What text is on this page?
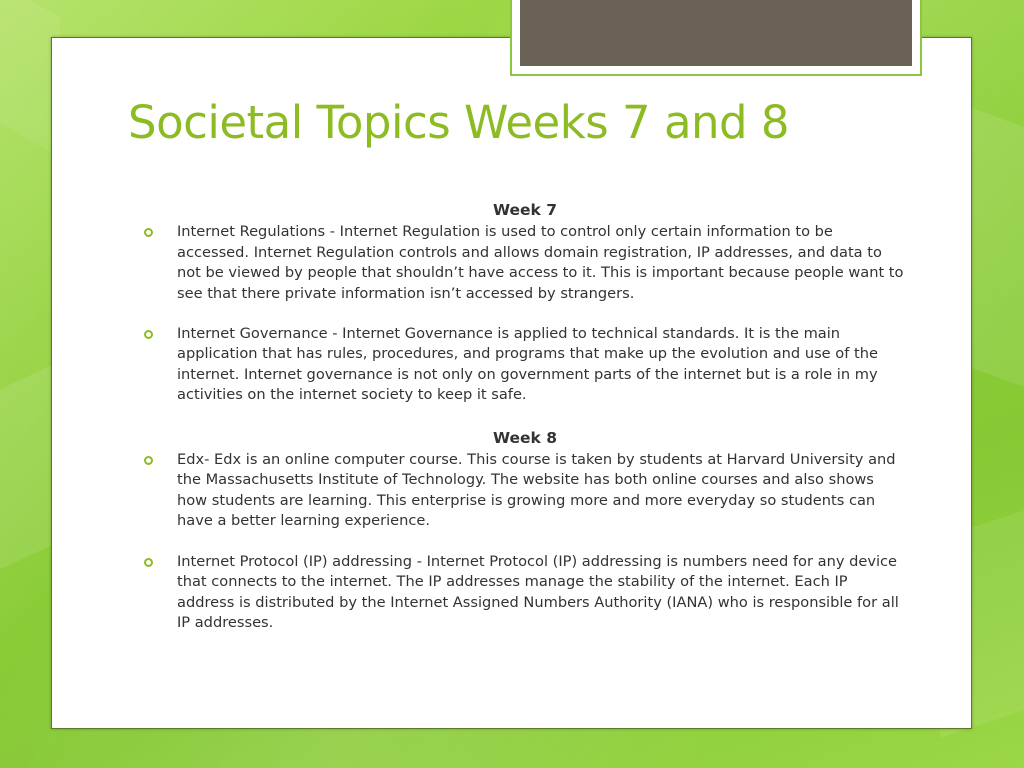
Societal Topics Weeks 7 and 8
Week 7
Internet Regulations - Internet Regulation is used to control only certain information to be accessed. Internet Regulation controls and allows domain registration, IP addresses, and data to not be viewed by people that shouldn’t have access to it. This is important because people want to see that there private information isn’t accessed by strangers.
Internet Governance - Internet Governance is applied to technical standards. It is the main application that has rules, procedures, and programs that make up the evolution and use of the internet. Internet governance is not only on government parts of the internet but is a role in my activities on the internet society to keep it safe.
Week 8
Edx- Edx is an online computer course. This course is taken by students at Harvard University and the Massachusetts Institute of Technology. The website has both online courses and also shows how students are learning. This enterprise is growing more and more everyday so students can have a better learning experience.
Internet Protocol (IP) addressing - Internet Protocol (IP) addressing is numbers need for any device that connects to the internet. The IP addresses manage the stability of the internet. Each IP address is distributed by the Internet Assigned Numbers Authority (IANA) who is responsible for all IP addresses.
